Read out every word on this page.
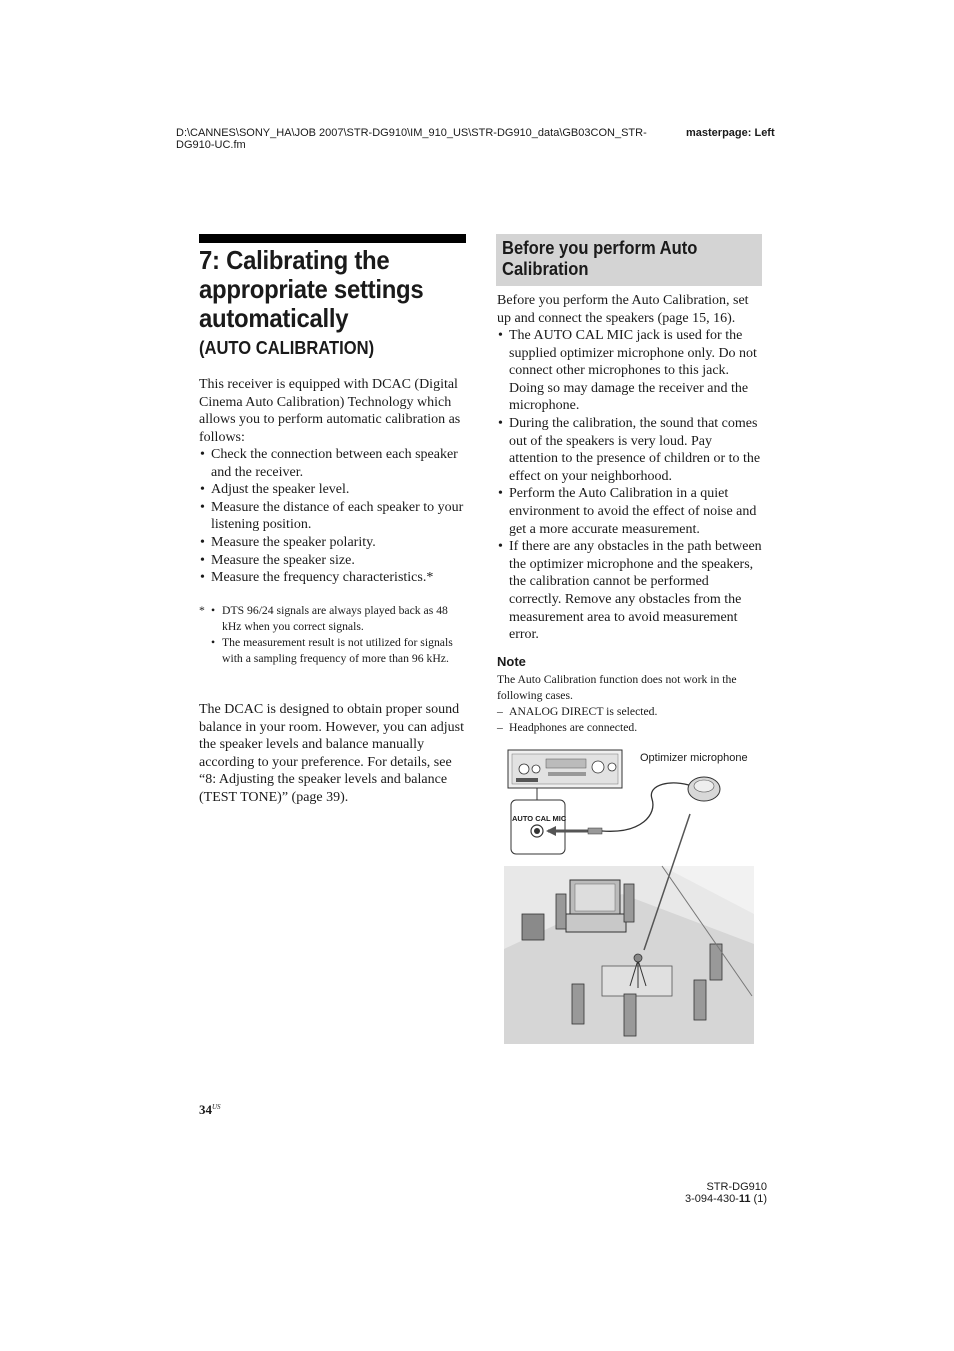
D:\CANNES\SONY_HA\JOB 2007\STR-DG910\IM_910_US\STR-DG910_data\GB03CON_STR-DG910-UC.fm
masterpage: Left
7: Calibrating the appropriate settings automatically
(AUTO CALIBRATION)

This receiver is equipped with DCAC (Digital Cinema Auto Calibration) Technology which allows you to perform automatic calibration as follows:

• Check the connection between each speaker and the receiver.
• Adjust the speaker level.
• Measure the distance of each speaker to your listening position.
• Measure the speaker polarity.
• Measure the speaker size.
• Measure the frequency characteristics.*
*
•	DTS 96/24 signals are always played back as 48 kHz when you correct signals.
• The measurement result is not utilized for signals with a sampling frequency of more than 96 kHz.

The DCAC is designed to obtain proper sound balance in your room. However, you can adjust the speaker levels and balance manually according to your preference. For details, see “8: Adjusting the speaker levels and balance (TEST TONE)” (page 39).

Before you perform Auto Calibration

Before you perform the Auto Calibration, set up and connect the speakers (page 15, 16).

• The AUTO CAL MIC jack is used for the supplied optimizer microphone only. Do not connect other microphones to this jack. Doing so may damage the receiver and the microphone.
• During the calibration, the sound that comes out of the speakers is very loud. Pay attention to the presence of children or to the effect on your neighborhood.
• Perform the Auto Calibration in a quiet environment to avoid the effect of noise and get a more accurate measurement.
• If there are any obstacles in the path between the optimizer microphone and the speakers, the calibration cannot be performed correctly. Remove any obstacles from the measurement area to avoid measurement error.
Note

The Auto Calibration function does not work in the following cases.

– ANALOG DIRECT is selected.
– Headphones are connected.
Optimizer microphone
AUTO CAL MIC
$34^{US}$
STR-DG910
3-094-430-11 (1)
